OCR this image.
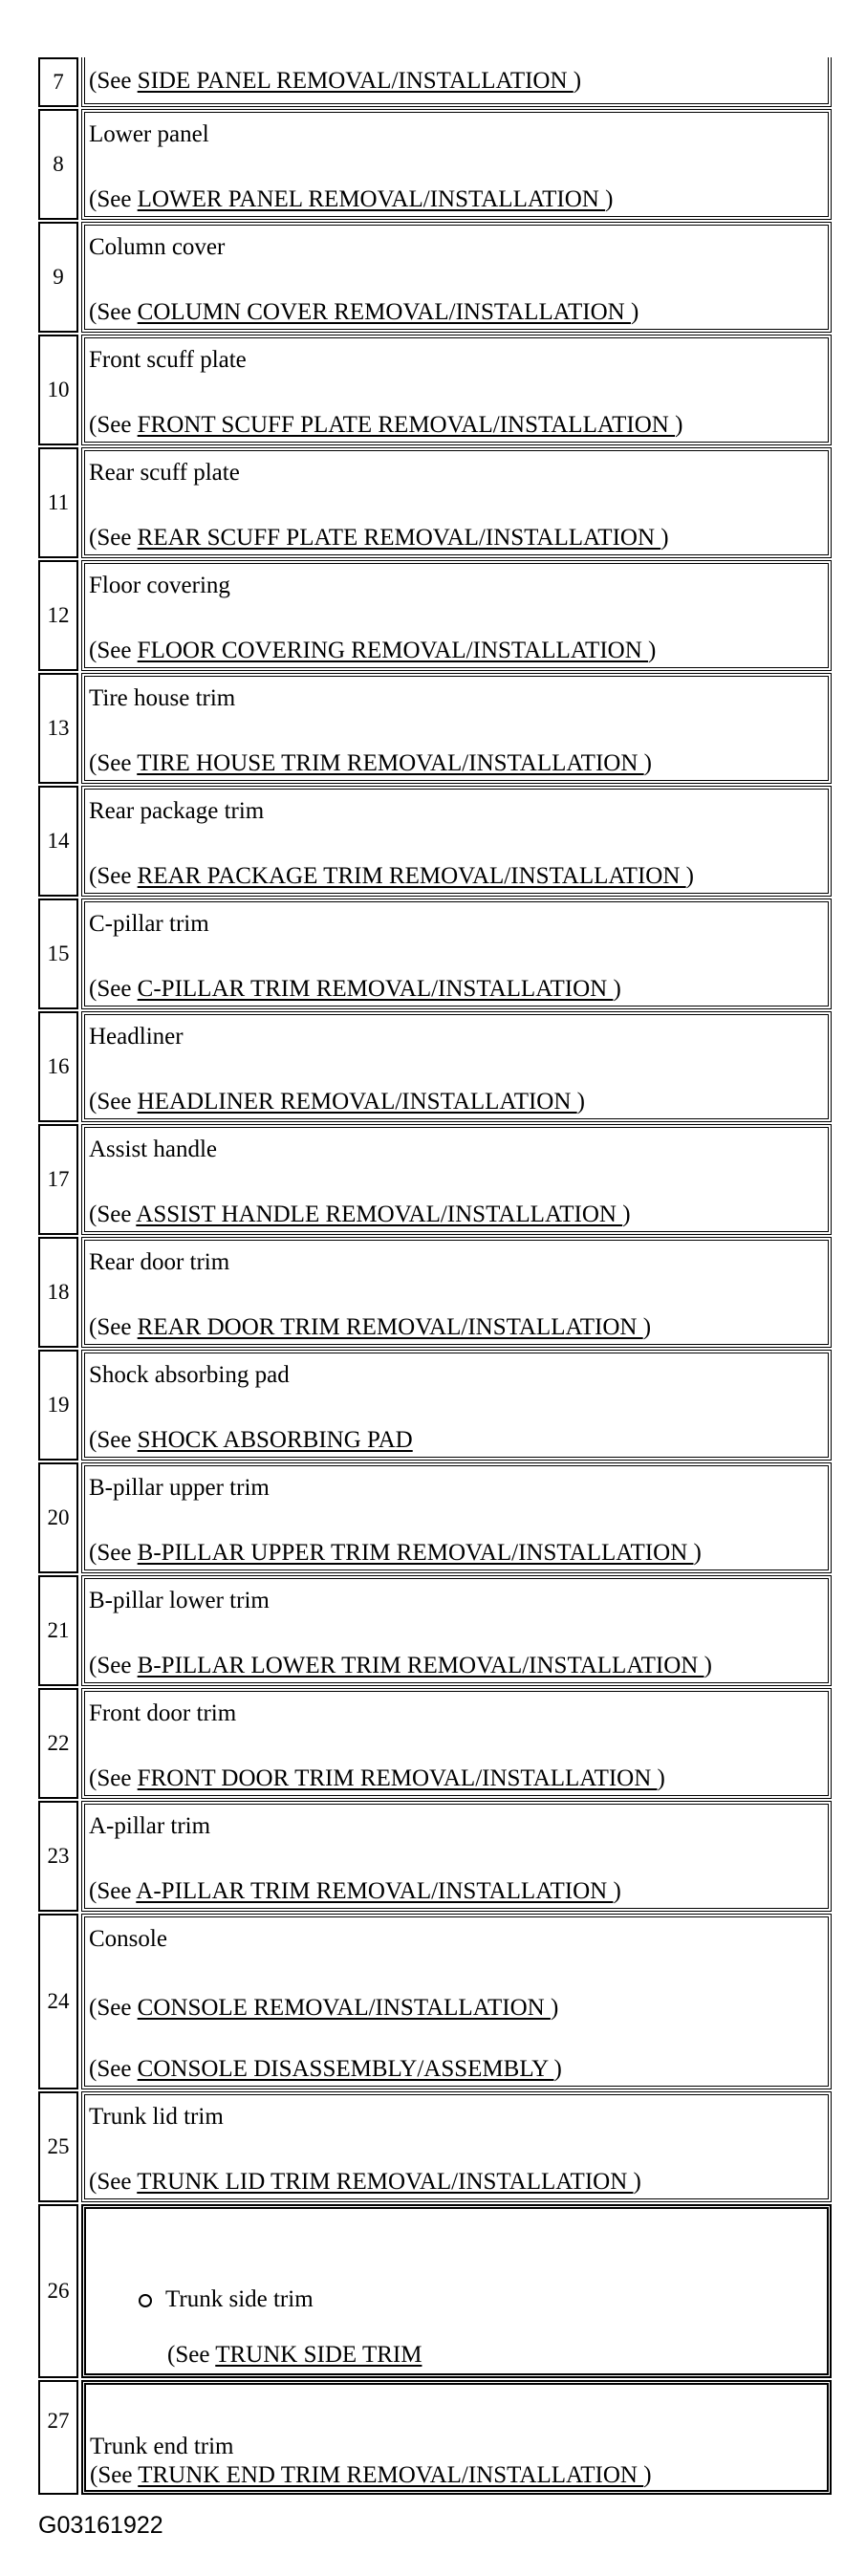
7	(See SIDE PANEL REMOVAL/INSTALLATION )
8
Lower panel
(See LOWER PANEL REMOVAL/INSTALLATION )
9
Column cover
(See COLUMN COVER REMOVAL/INSTALLATION )
10
Front scuff plate
(See FRONT SCUFF PLATE REMOVAL/INSTALLATION )
11
Rear scuff plate
(See REAR SCUFF PLATE REMOVAL/INSTALLATION )
12
Floor covering
(See FLOOR COVERING REMOVAL/INSTALLATION )
13
Tire house trim
(See TIRE HOUSE TRIM REMOVAL/INSTALLATION )
14
Rear package trim
(See REAR PACKAGE TRIM REMOVAL/INSTALLATION )
15
C-pillar trim
(See C-PILLAR TRIM REMOVAL/INSTALLATION )
16
Headliner
(See HEADLINER REMOVAL/INSTALLATION )
17
Assist handle
(See ASSIST HANDLE REMOVAL/INSTALLATION )
18
Rear door trim
(See REAR DOOR TRIM REMOVAL/INSTALLATION )
19
Shock absorbing pad
(See SHOCK ABSORBING PAD
20
B-pillar upper trim
(See B-PILLAR UPPER TRIM REMOVAL/INSTALLATION )
21
B-pillar lower trim
(See B-PILLAR LOWER TRIM REMOVAL/INSTALLATION )
22
Front door trim
(See FRONT DOOR TRIM REMOVAL/INSTALLATION )
23
A-pillar trim
(See A-PILLAR TRIM REMOVAL/INSTALLATION )
24
Console
(See CONSOLE REMOVAL/INSTALLATION )
(See CONSOLE DISASSEMBLY/ASSEMBLY )
25
Trunk lid trim
(See TRUNK LID TRIM REMOVAL/INSTALLATION )
26	Trunk side trim
(See TRUNK SIDE TRIM
27
Trunk end trim
(See TRUNK END TRIM REMOVAL/INSTALLATION )
G03161922
